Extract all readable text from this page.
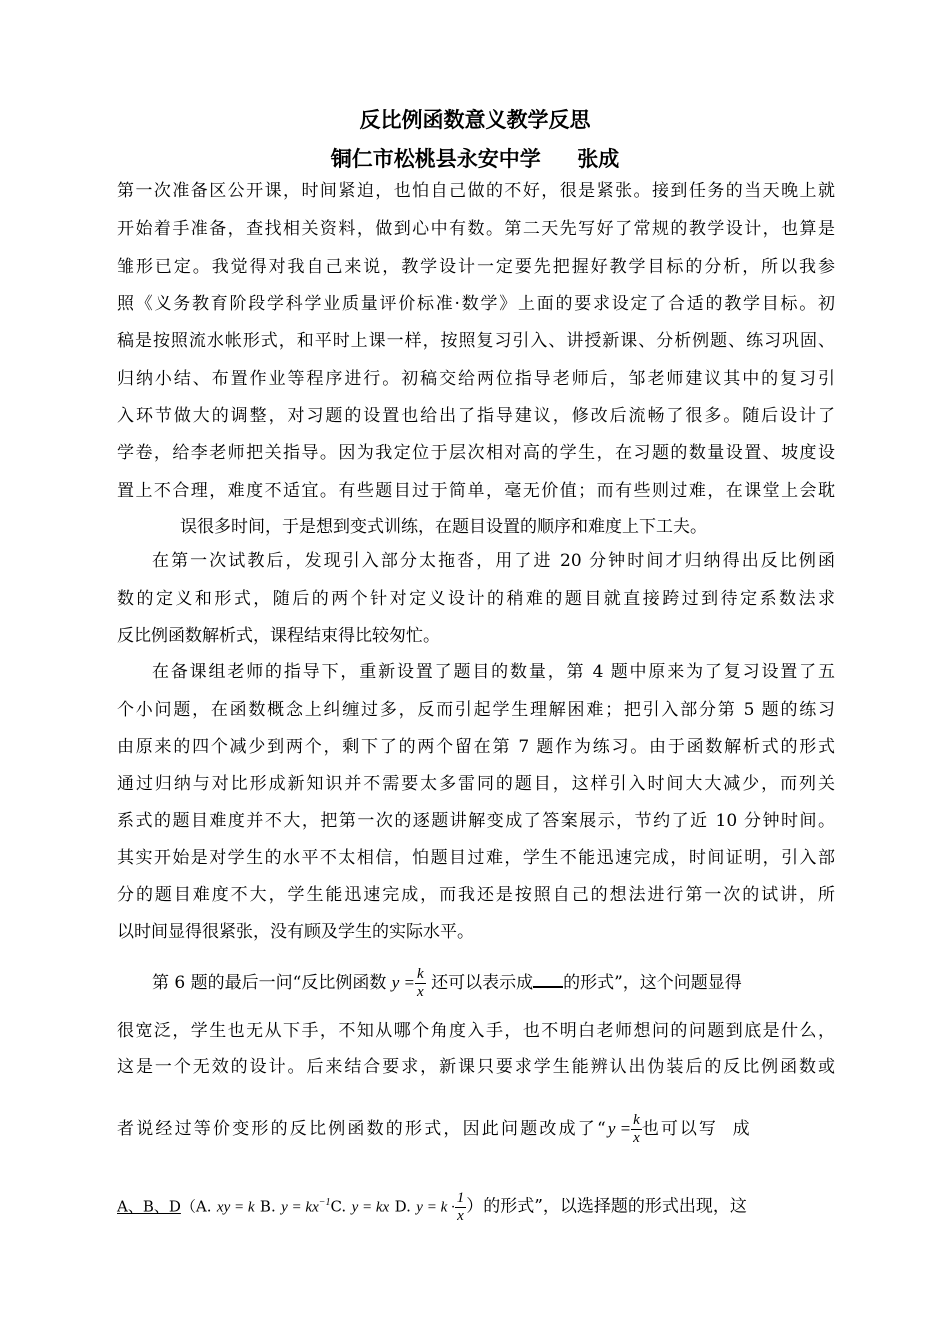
反比例函数意义教学反思
铜仁市松桃县永安中学     张成
第一次准备区公开课，时间紧迫，也怕自己做的不好，很是紧张。接到任务的当天晚上就
开始着手准备，查找相关资料，做到心中有数。第二天先写好了常规的教学设计，也算是
雏形已定。我觉得对我自己来说，教学设计一定要先把握好教学目标的分析，所以我参
照《义务教育阶段学科学业质量评价标准·数学》上面的要求设定了合适的教学目标。初
稿是按照流水帐形式，和平时上课一样，按照复习引入、讲授新课、分析例题、练习巩固、
归纳小结、布置作业等程序进行。初稿交给两位指导老师后，邹老师建议其中的复习引
入环节做大的调整，对习题的设置也给出了指导建议，修改后流畅了很多。随后设计了
学卷，给李老师把关指导。因为我定位于层次相对高的学生，在习题的数量设置、坡度设
置上不合理，难度不适宜。有些题目过于简单，毫无价值；而有些则过难，在课堂上会耽
误很多时间，于是想到变式训练，在题目设置的顺序和难度上下工夫。
在第一次试教后，发现引入部分太拖沓，用了进 20 分钟时间才归纳得出反比例函
数的定义和形式，随后的两个针对定义设计的稍难的题目就直接跨过到待定系数法求
反比例函数解析式，课程结束得比较匆忙。
在备课组老师的指导下，重新设置了题目的数量，第 4 题中原来为了复习设置了五
个小问题，在函数概念上纠缠过多，反而引起学生理解困难；把引入部分第 5 题的练习
由原来的四个减少到两个，剩下了的两个留在第 7 题作为练习。由于函数解析式的形式
通过归纳与对比形成新知识并不需要太多雷同的题目，这样引入时间大大减少，而列关
系式的题目难度并不大，把第一次的逐题讲解变成了答案展示，节约了近 10 分钟时间。
其实开始是对学生的水平不太相信，怕题目过难，学生不能迅速完成，时间证明，引入部
分的题目难度不大，学生能迅速完成，而我还是按照自己的想法进行第一次的试讲，所
以时间显得很紧张，没有顾及学生的实际水平。
第 6 题的最后一问“反比例函数 $y = \frac{k}{x}$ 还可以表示成 的形式”，这个问题显得
很宽泛，学生也无从下手，不知从哪个角度入手，也不明白老师想问的问题到底是什么，
这是一个无效的设计。后来结合要求，新课只要求学生能辨认出伪装后的反比例函数或
者说经过等价变形的反比例函数的形式，因此问题改成了“$y = \frac{k}{x}$ 也可以写  成
A、B、D（A. xy = k B. $y = kx^{-1}C$. y = kx D. $y = k \cdot \frac{1}{x}$ ）的形式”，以选择题的形式出现，这
